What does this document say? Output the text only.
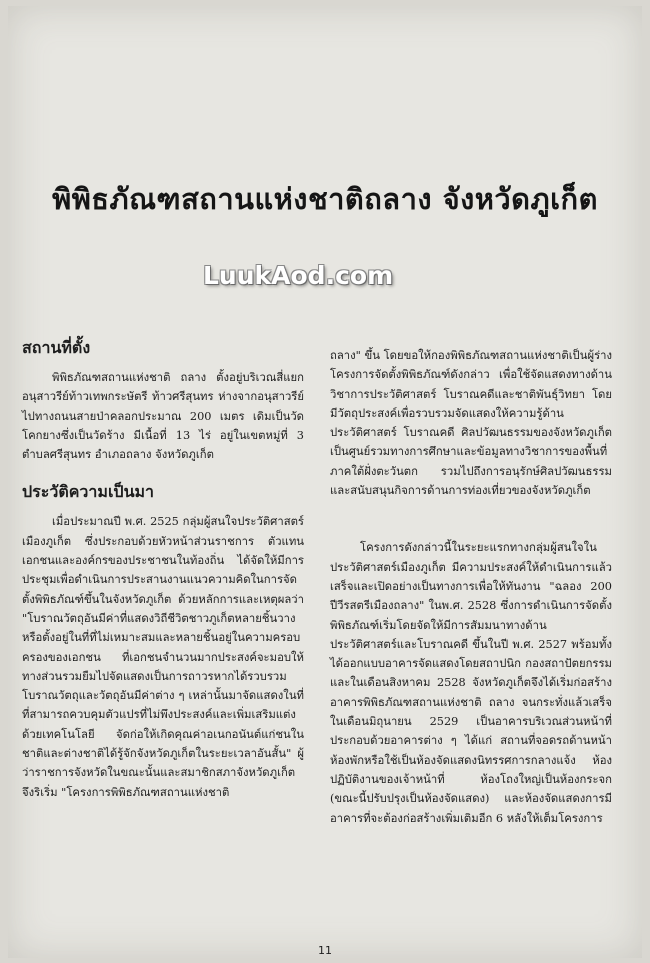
พิพิธภัณฑสถานแห่งชาติถลาง จังหวัดภูเก็ต
LuukAod.com
สถานที่ตั้ง

พิพิธภัณฑสถานแห่งชาติ ถลาง ตั้งอยู่บริเวณสี่แยกอนุสาวรีย์ท้าวเทพกระษัตรี ท้าวศรีสุนทร ห่างจากอนุสาวรีย์ไปทางถนนสายป่าคลอกประมาณ 200 เมตร เดิมเป็นวัดโคกยางซึ่งเป็นวัดร้าง มีเนื้อที่ 13 ไร่ อยู่ในเขตหมู่ที่ 3 ตำบลศรีสุนทร อำเภอถลาง จังหวัดภูเก็ต

ประวัติความเป็นมา

เมื่อประมาณปี พ.ศ. 2525 กลุ่มผู้สนใจประวัติศาสตร์เมืองภูเก็ต ซึ่งประกอบด้วยหัวหน้าส่วนราชการ ตัวแทนเอกชนและองค์กรของประชาชนในท้องถิ่น ได้จัดให้มีการประชุมเพื่อดำเนินการประสานงานแนวความคิดในการจัดตั้งพิพิธภัณฑ์ขึ้นในจังหวัดภูเก็ต ด้วยหลักการและเหตุผลว่า "โบราณวัตถุอันมีค่าที่แสดงวิถีชีวิตชาวภูเก็ตหลายชิ้นวางหรือตั้งอยู่ในที่ที่ไม่เหมาะสมและหลายชิ้นอยู่ในความครอบครองของเอกชน ที่เอกชนจำนวนมากประสงค์จะมอบให้ทางส่วนรวมยืมไปจัดแสดงเป็นการถาวรหากได้รวบรวมโบราณวัตถุและวัตถุอันมีค่าต่าง ๆ เหล่านั้นมาจัดแสดงในที่ที่สามารถควบคุมตัวแปรที่ไม่พึงประสงค์และเพิ่มเสริมแต่งด้วยเทคโนโลยี จัดก่อให้เกิดคุณค่าอเนกอนันต์แก่ชนในชาติและต่างชาติได้รู้จักจังหวัดภูเก็ตในระยะเวลาอันสั้น" ผู้ว่าราชการจังหวัดในขณะนั้นและสมาชิกสภาจังหวัดภูเก็ตจึงริเริ่ม "โครงการพิพิธภัณฑสถานแห่งชาติ

ถลาง" ขึ้น โดยขอให้กองพิพิธภัณฑสถานแห่งชาติเป็นผู้ร่างโครงการจัดตั้งพิพิธภัณฑ์ดังกล่าว เพื่อใช้จัดแสดงทางด้านวิชาการประวัติศาสตร์ โบราณคดีและชาติพันธุ์วิทยา โดยมีวัตถุประสงค์เพื่อรวบรวมจัดแสดงให้ความรู้ด้านประวัติศาสตร์ โบราณคดี ศิลปวัฒนธรรมของจังหวัดภูเก็ต เป็นศูนย์รวมทางการศึกษาและข้อมูลทางวิชาการของพื้นที่ภาคใต้ฝั่งตะวันตก รวมไปถึงการอนุรักษ์ศิลปวัฒนธรรมและสนับสนุนกิจการด้านการท่องเที่ยวของจังหวัดภูเก็ต

โครงการดังกล่าวนี้ในระยะแรกทางกลุ่มผู้สนใจในประวัติศาสตร์เมืองภูเก็ต มีความประสงค์ให้ดำเนินการแล้วเสร็จและเปิดอย่างเป็นทางการเพื่อให้ทันงาน "ฉลอง 200 ปีวีรสตรีเมืองถลาง" ในพ.ศ. 2528 ซึ่งการดำเนินการจัดตั้งพิพิธภัณฑ์เริ่มโดยจัดให้มีการสัมมนาทางด้านประวัติศาสตร์และโบราณคดี ขึ้นในปี พ.ศ. 2527 พร้อมทั้งได้ออกแบบอาคารจัดแสดงโดยสถาปนิก กองสถาปัตยกรรมและในเดือนสิงหาคม 2528 จังหวัดภูเก็ตจึงได้เริ่มก่อสร้างอาคารพิพิธภัณฑสถานแห่งชาติ ถลาง จนกระทั่งแล้วเสร็จในเดือนมิถุนายน 2529 เป็นอาคารบริเวณส่วนหน้าที่ประกอบด้วยอาคารต่าง ๆ ได้แก่ สถานที่จอดรถด้านหน้า ห้องพักหรือใช้เป็นห้องจัดแสดงนิทรรศการกลางแจ้ง ห้องปฏิบัติงานของเจ้าหน้าที่ ห้องโถงใหญ่เป็นห้องกระจก (ขณะนี้ปรับปรุงเป็นห้องจัดแสดง) และห้องจัดแสดงการมีอาคารที่จะต้องก่อสร้างเพิ่มเติมอีก 6 หลังให้เต็มโครงการ

11
